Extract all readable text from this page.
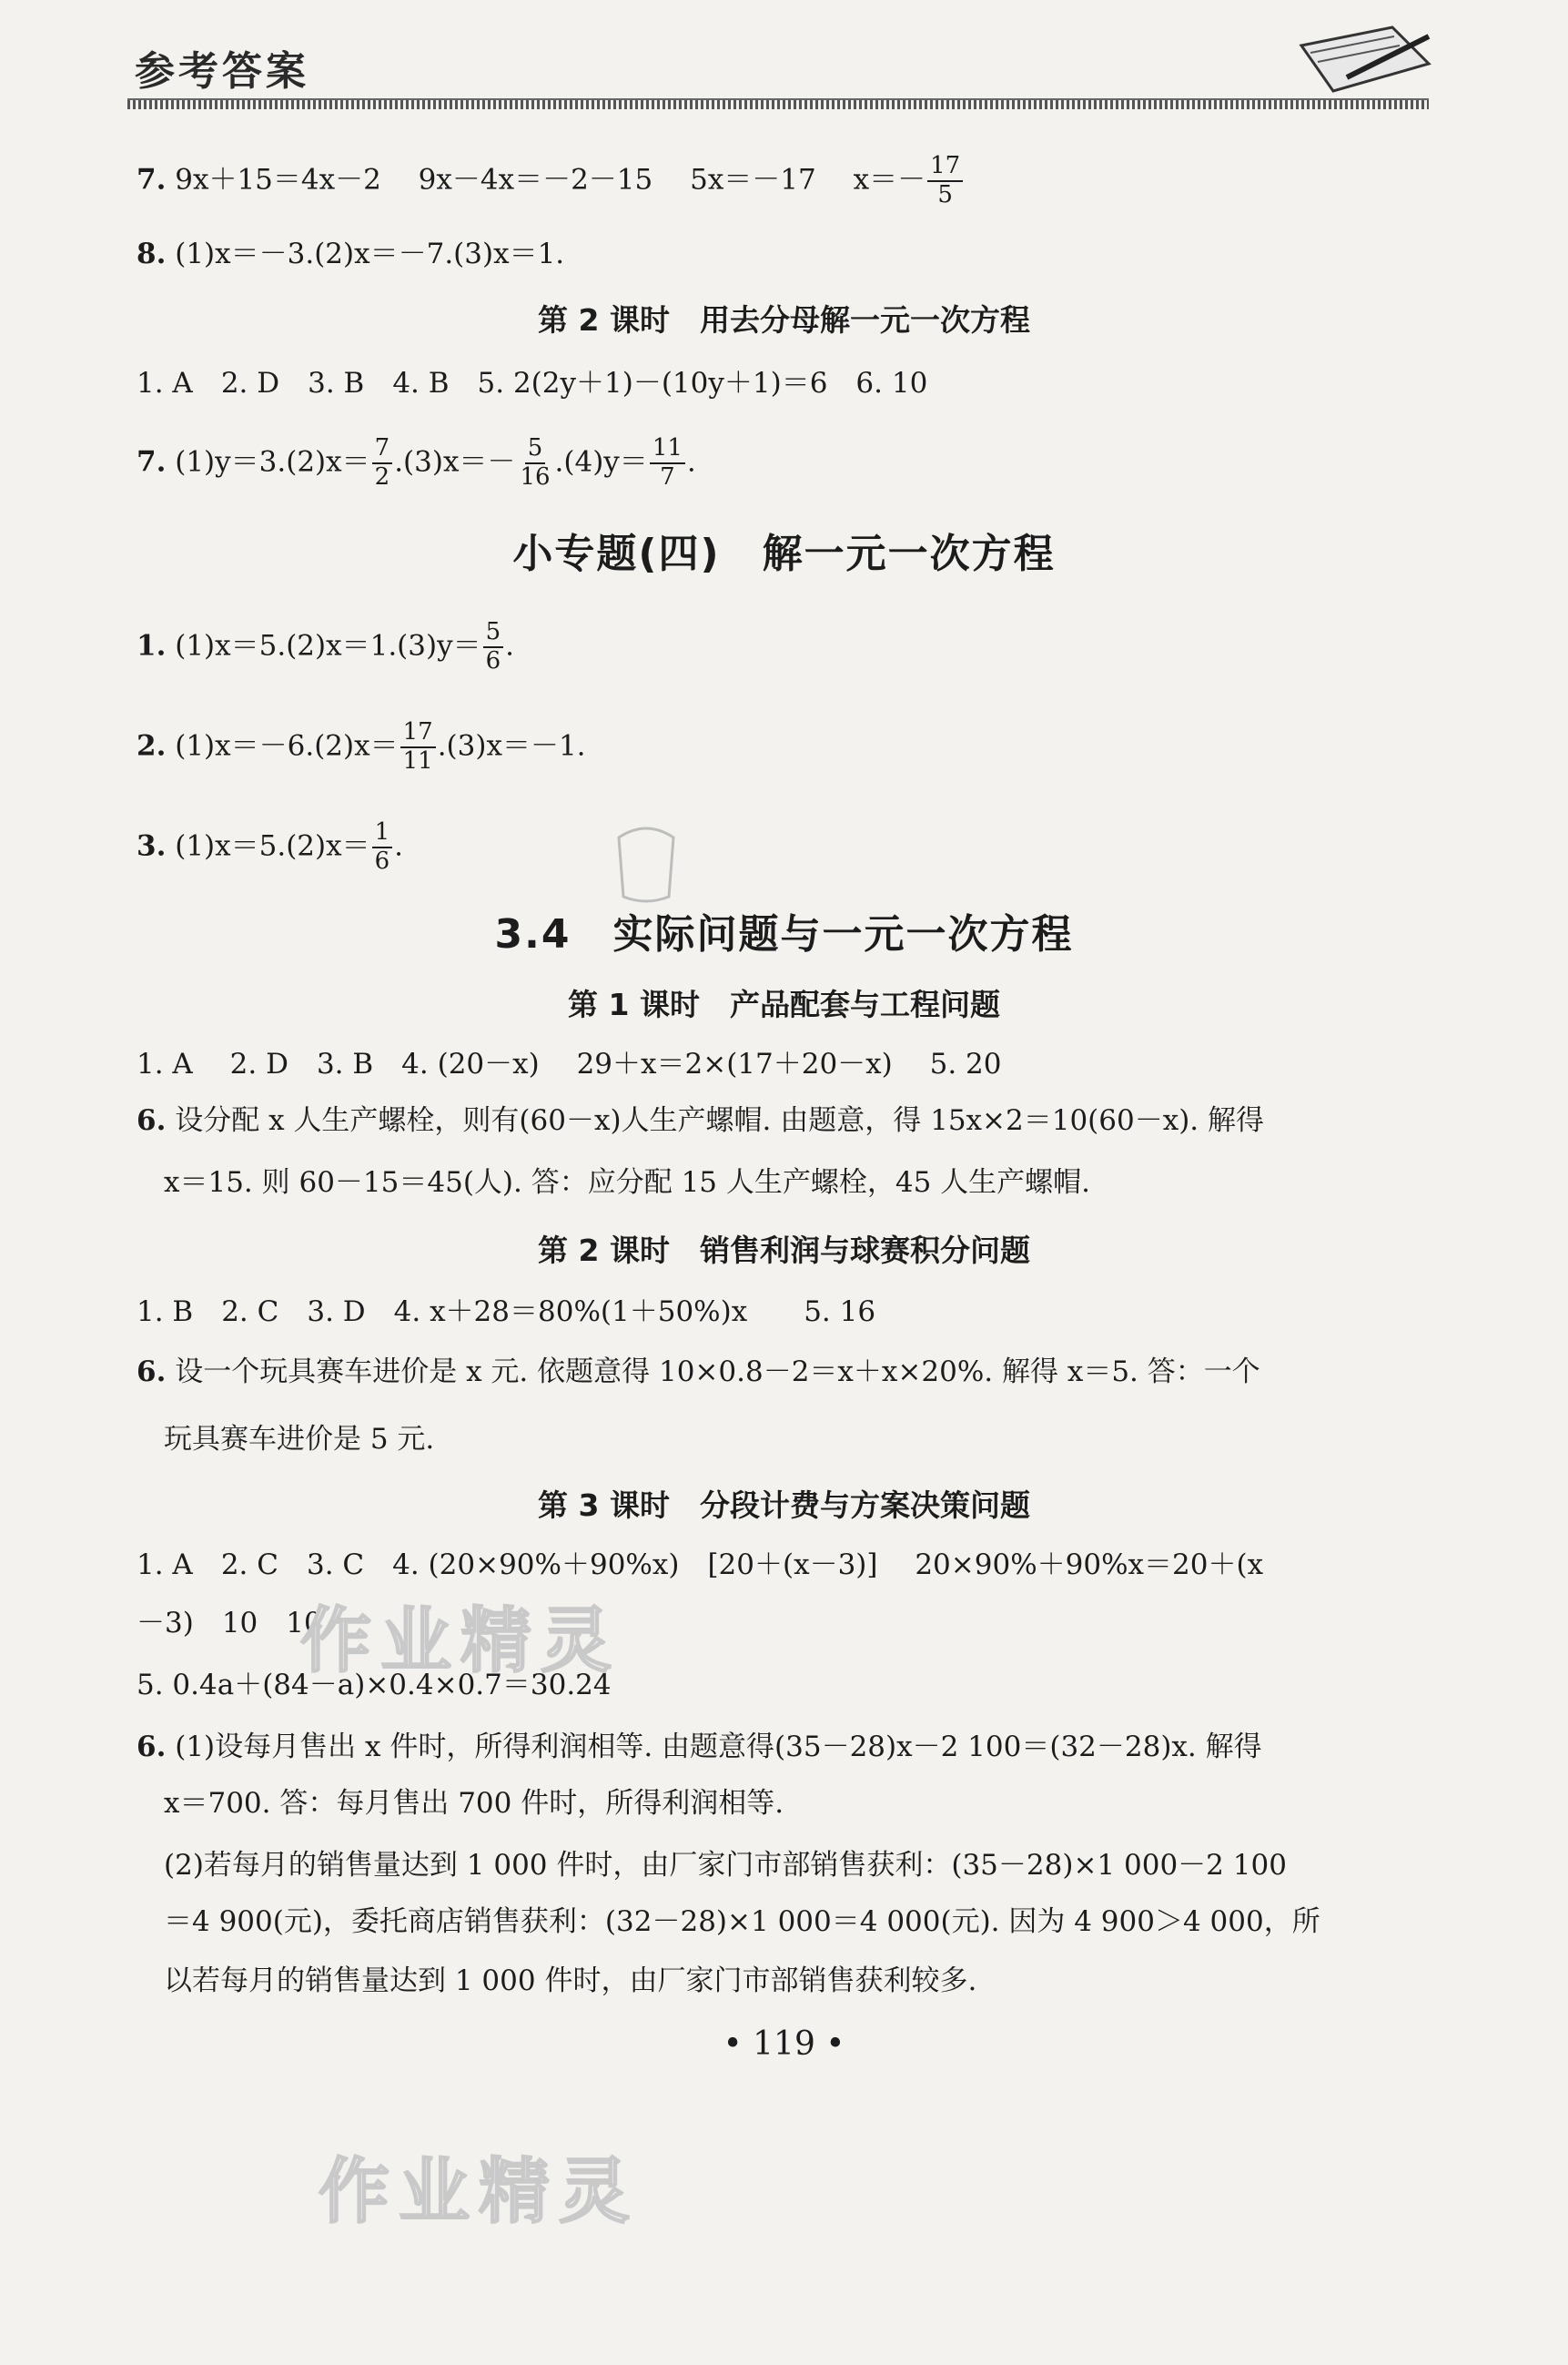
参考答案
7. 9x＋15＝4x－2　 9x－4x＝－2－15　 5x＝－17　 $x=- \frac{17}{5}$
8. (1)x＝－3.(2)x＝－7.(3)x＝1.
第 2 课时　用去分母解一元一次方程
1. A　2. D　3. B　4. B　5. 2(2y＋1)－(10y＋1)＝6　6. 10
7. $(1)y=3.(2)x= \frac{7}{2} .(3)x=- \frac{5}{16} .(4)y= \frac{11}{7}$ .
小专题(四)　解一元一次方程
1. $(1)x=5.(2)x=1.(3)y= \frac{5}{6}$ .
2. $(1)x=-6.(2)x= \frac{17}{11} .(3)x=-1$.
3. $(1)x=5.(2)x= \frac{1}{6}$ .
3.4　实际问题与一元一次方程
第 1 课时　产品配套与工程问题
1. A　 2. D　3. B　4. (20－x)　 29＋x＝2×(17＋20－x)　 5. 20
6. 设分配 x 人生产螺栓，则有(60－x)人生产螺帽. 由题意，得 15x×2＝10(60－x). 解得
x＝15. 则 60－15＝45(人). 答：应分配 15 人生产螺栓，45 人生产螺帽.
第 2 课时　销售利润与球赛积分问题
1. B　2. C　3. D　4. x＋28＝80%(1＋50%)x　　5. 16
6. 设一个玩具赛车进价是 x 元. 依题意得 10×0.8－2＝x＋x×20%. 解得 x＝5. 答：一个
玩具赛车进价是 5 元.
第 3 课时　分段计费与方案决策问题
1. A　2. C　3. C　4. (20×90%＋90%x)　[20＋(x－3)]　 20×90%＋90%x＝20＋(x
－3)　10　10
作业精灵
5. 0.4a＋(84－a)×0.4×0.7＝30.24
6. (1)设每月售出 x 件时，所得利润相等. 由题意得(35－28)x－2 100＝(32－28)x. 解得
x＝700. 答：每月售出 700 件时，所得利润相等.
(2)若每月的销售量达到 1 000 件时，由厂家门市部销售获利：(35－28)×1 000－2 100
＝4 900(元)，委托商店销售获利：(32－28)×1 000＝4 000(元). 因为 4 900＞4 000，所
以若每月的销售量达到 1 000 件时，由厂家门市部销售获利较多.
• 119 •
作业精灵
